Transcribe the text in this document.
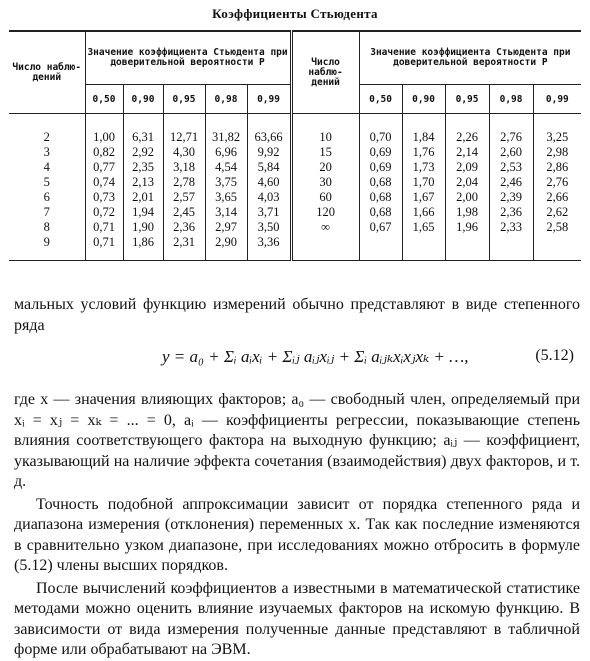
Коэффициенты Стьюдента
Число наблю- дений	Значение коэффициента Стьюдента при доверительной вероятности P					Число наблю- дений	Значение коэффициента Стьюдента при доверительной вероятности P				
	0,50	0,90	0,95	0,98	0,99		0,50	0,90	0,95	0,98	0,99
2	1,00	6,31	12,71	31,82	63,66	10	0,70	1,84	2,26	2,76	3,25
3	0,82	2,92	4,30	6,96	9,92	15	0,69	1,76	2,14	2,60	2,98
4	0,77	2,35	3,18	4,54	5,84	20	0,69	1,73	2,09	2,53	2,86
5	0,74	2,13	2,78	3,75	4,60	30	0,68	1,70	2,04	2,46	2,76
6	0,73	2,01	2,57	3,65	4,03	60	0,68	1,67	2,00	2,39	2,66
7	0,72	1,94	2,45	3,14	3,71	120	0,68	1,66	1,98	2,36	2,62
8	0,71	1,90	2,36	2,97	3,50	∞	0,67	1,65	1,96	2,33	2,58
9	0,71	1,86	2,31	2,90	3,36						

мальных условий функцию измерений обычно представляют в виде степенного ряда

y = a₀ + Σᵢ aᵢxᵢ + Σᵢⱼ aᵢⱼxᵢⱼ + Σᵢ aᵢⱼₖxᵢxⱼxₖ + …,	(5.12)

где x — значения влияющих факторов; a₀ — свободный член, определяемый при xᵢ = xⱼ = xₖ = ... = 0, aᵢ — коэффициенты регрессии, показывающие степень влияния соответствующего фактора на выходную функцию; aᵢⱼ — коэффициент, указывающий на наличие эффекта сочетания (взаимодействия) двух факторов, и т. д.

Точность подобной аппроксимации зависит от порядка степенного ряда и диапазона измерения (отклонения) переменных x. Так как последние изменяются в сравнительно узком диапазоне, при исследованиях можно отбросить в формуле (5.12) члены высших порядков.

После вычислений коэффициентов a известными в математической статистике методами можно оценить влияние изучаемых факторов на искомую функцию. В зависимости от вида измерения полученные данные представляют в табличной форме или обрабатывают на ЭВМ.
